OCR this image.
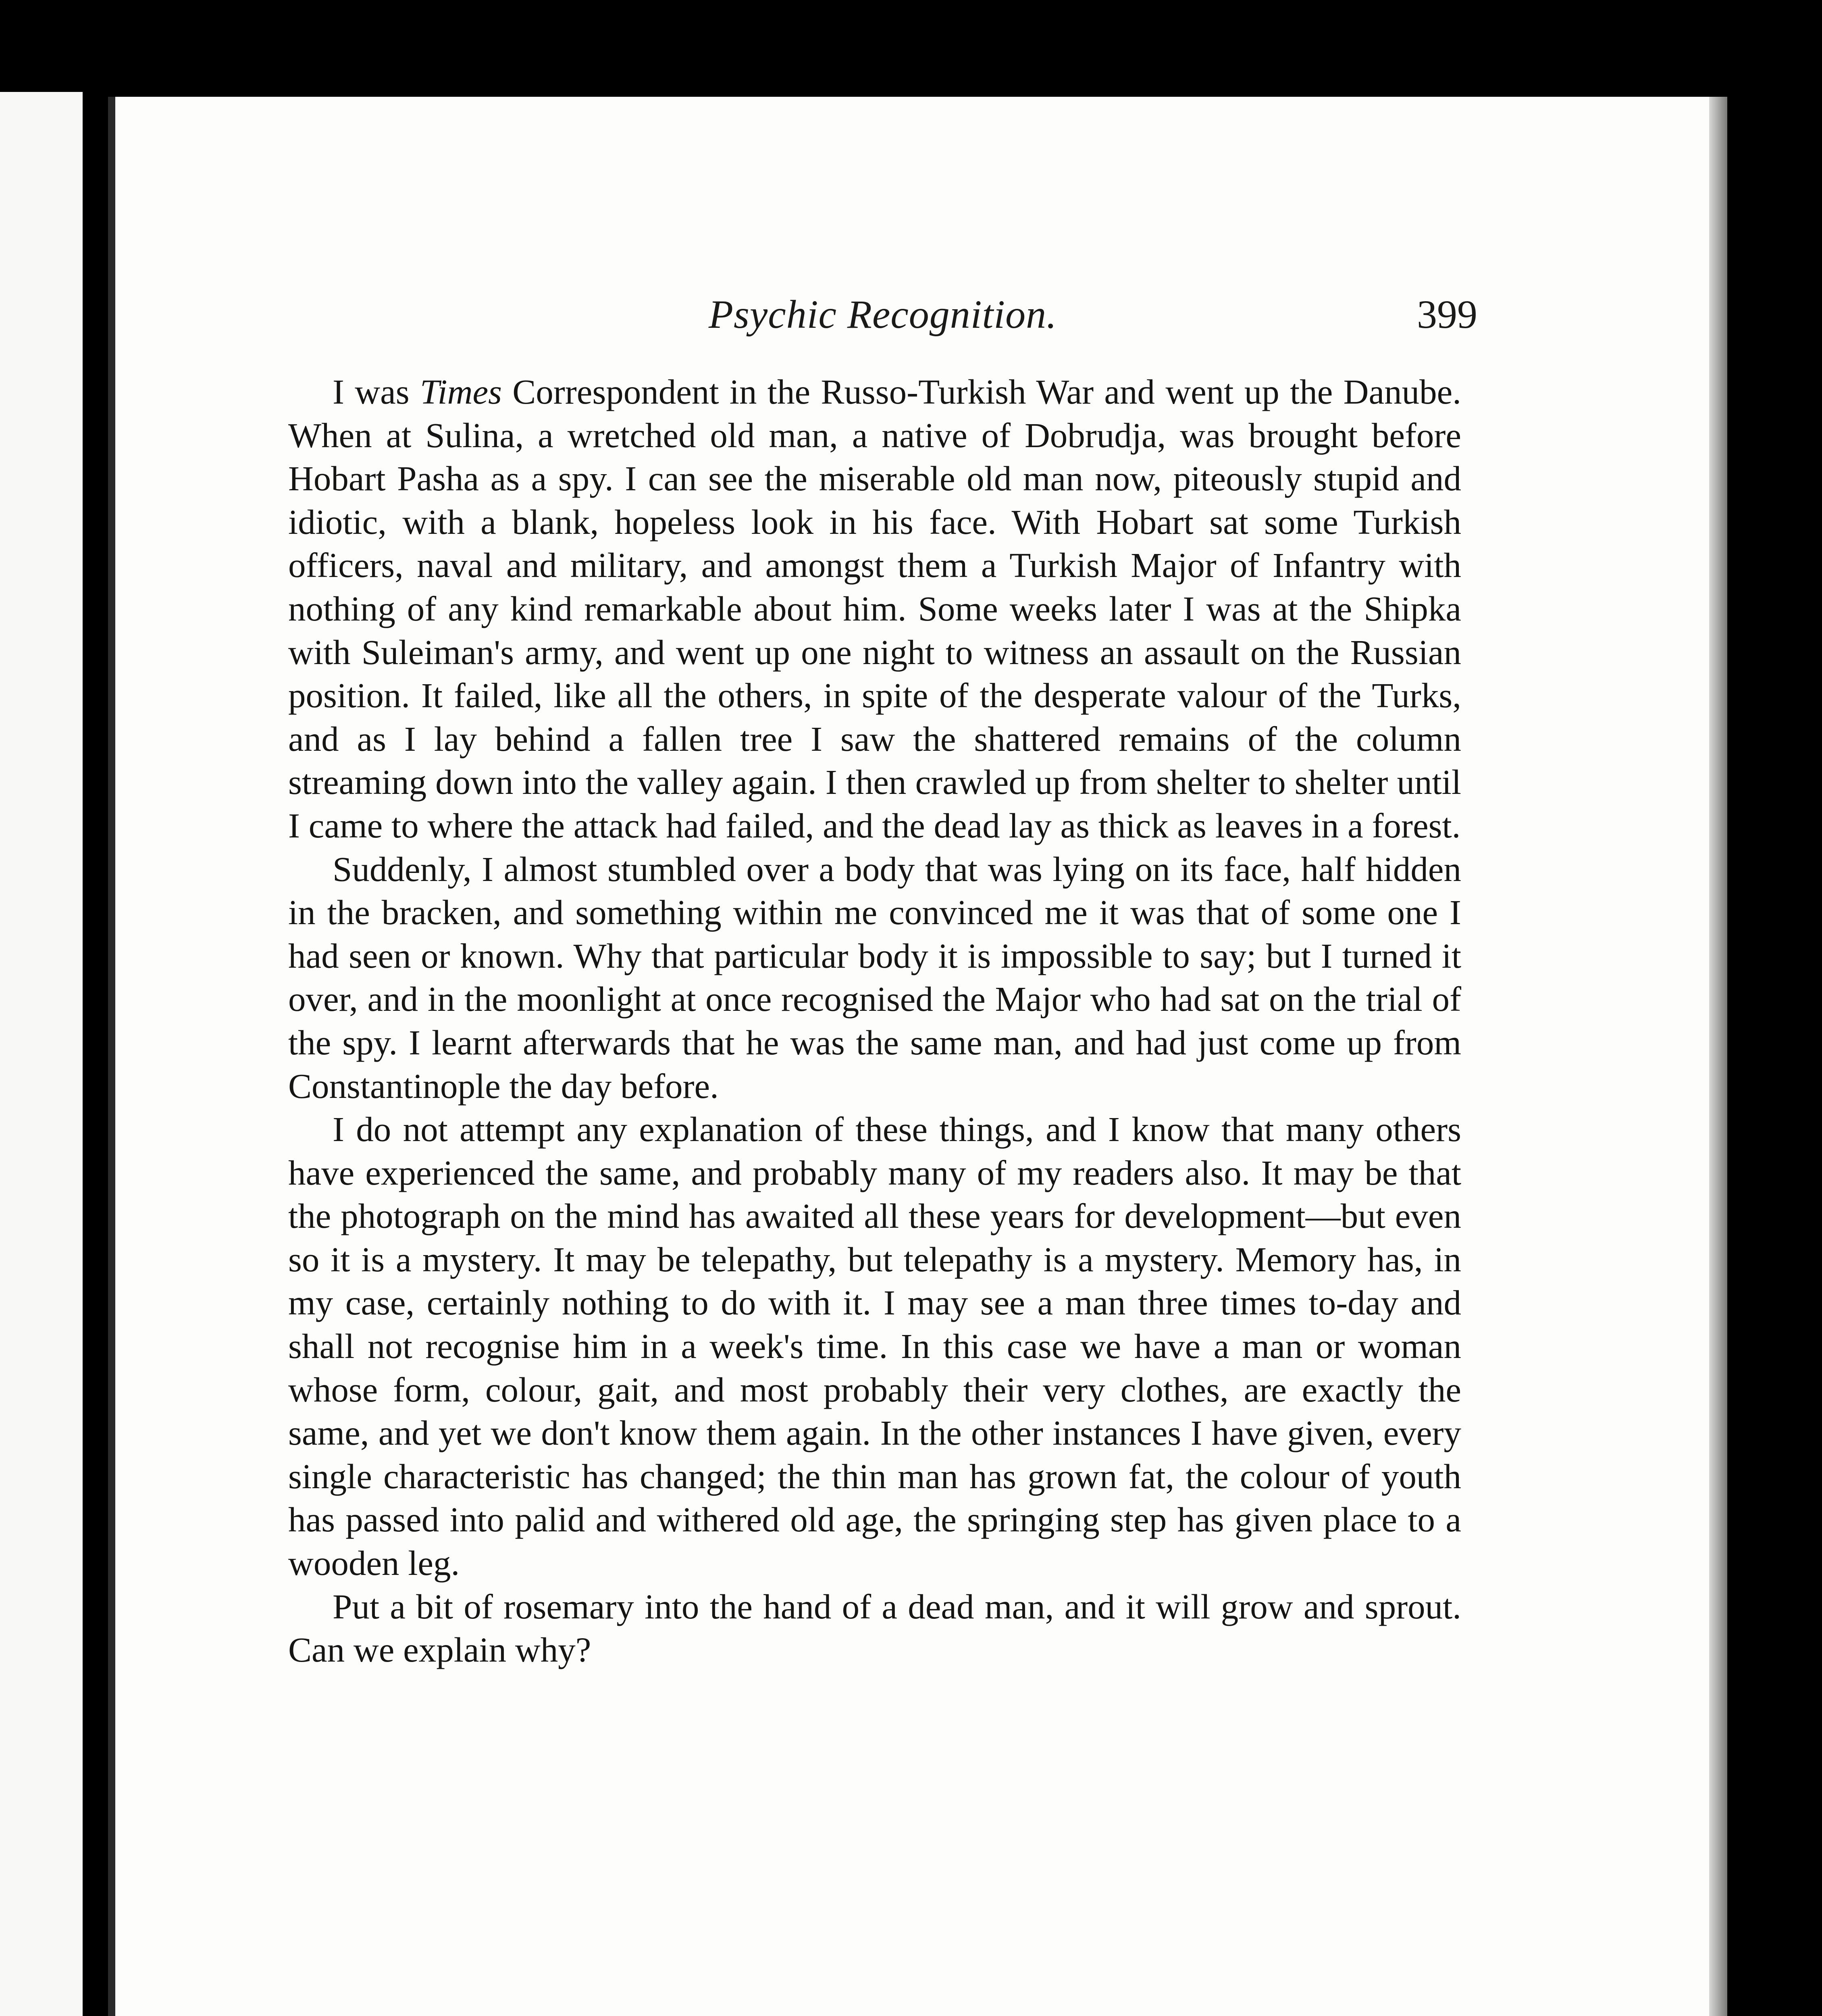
Psychic Recognition.	399

I was Times Correspondent in the Russo-Turkish War and went up the Danube. When at Sulina, a wretched old man, a native of Dobrudja, was brought before Hobart Pasha as a spy. I can see the miserable old man now, piteously stupid and idiotic, with a blank, hopeless look in his face. With Hobart sat some Turkish officers, naval and military, and amongst them a Turkish Major of Infantry with nothing of any kind remarkable about him. Some weeks later I was at the Shipka with Suleiman's army, and went up one night to witness an assault on the Russian position. It failed, like all the others, in spite of the desperate valour of the Turks, and as I lay behind a fallen tree I saw the shattered remains of the column streaming down into the valley again. I then crawled up from shelter to shelter until I came to where the attack had failed, and the dead lay as thick as leaves in a forest.

Suddenly, I almost stumbled over a body that was lying on its face, half hidden in the bracken, and something within me convinced me it was that of some one I had seen or known. Why that particular body it is impossible to say; but I turned it over, and in the moonlight at once recognised the Major who had sat on the trial of the spy. I learnt afterwards that he was the same man, and had just come up from Constantinople the day before.

I do not attempt any explanation of these things, and I know that many others have experienced the same, and probably many of my readers also. It may be that the photograph on the mind has awaited all these years for development—but even so it is a mystery. It may be telepathy, but telepathy is a mystery. Memory has, in my case, certainly nothing to do with it. I may see a man three times to-day and shall not recognise him in a week's time. In this case we have a man or woman whose form, colour, gait, and most probably their very clothes, are exactly the same, and yet we don't know them again. In the other instances I have given, every single characteristic has changed; the thin man has grown fat, the colour of youth has passed into palid and withered old age, the springing step has given place to a wooden leg.

Put a bit of rosemary into the hand of a dead man, and it will grow and sprout. Can we explain why?
